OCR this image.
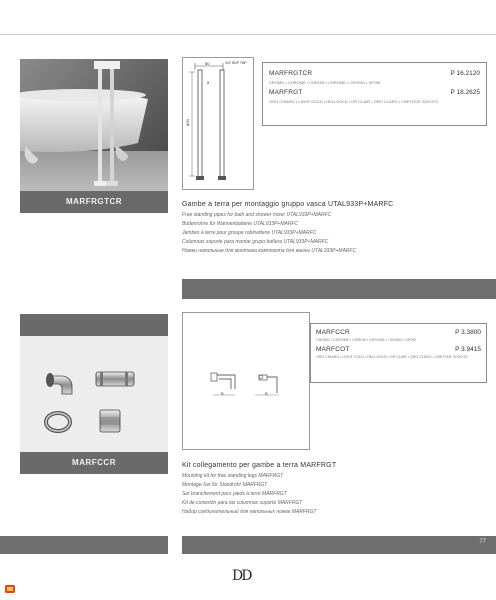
MARFRGTCR
80	3/4" BSP TBP
8
800
MARFRGTCR	P 16.2120
CROMO • CHROME • CHROM • CHROME • CROMO • ХРОМ
MARFRGT	P 18.2625
ORO CHIARO • LIGHT GOLD • HELLGOLD • OR CLAIR • ORO CLARO • СВЕТЛОЕ ЗОЛОТО
Gambe a terra per montaggio gruppo vasca UTAL933P+MARFC
Free standing pipes for bath and shower mixer UTAL933P+MARFC
Bodenrohre für Wannenbatterie UTAL933P+MARFC
Jambes à terre pour groupe robinetterie UTAL933P+MARFC
Columnas soporte para montar grupo bañera UTAL933P+MARFC
Ножки напольные для монтажа комплекта для ванны UTAL933P+MARFC
MARFCCR
B	B
MARFCCR	P 3.3800
CROMO • CHROME • CHROM • CHROME • CROMO • ХРОМ
MARFCOT	P 3.9415
ORO CHIARO • LIGHT GOLD • HELLGOLD • OR CLAIR • ORO CLARO • СВЕТЛОЕ ЗОЛОТО
Kit collegamento per gambe a terra MARFRGT
Mounting kit for free standing legs MARFRGT
Montage-Set für Standrohr MARFRGT
Set branchement pour pieds à terre MARFRGT
Kit de conexión para las columnas soporte MARFRGT
Набор соединительный для напольных ножек MARFRGT
77
DD
